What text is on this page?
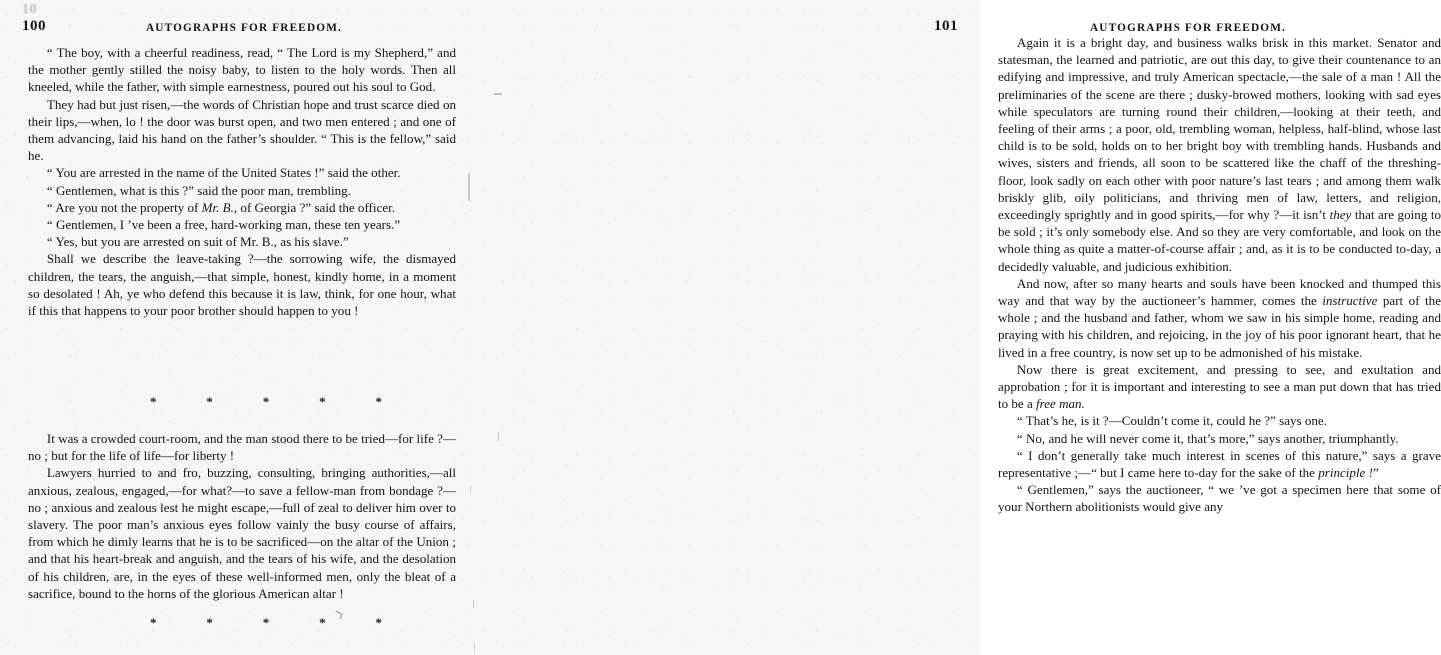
10
100	AUTOGRAPHS FOR FREEDOM.

“ The boy, with a cheerful readiness, read, “ The Lord is my Shepherd,” and the mother gently stilled the noisy baby, to listen to the holy words. Then all kneeled, while the father, with simple earnestness, poured out his soul to God.

They had but just risen,—the words of Christian hope and trust scarce died on their lips,—when, lo ! the door was burst open, and two men entered ; and one of them advancing, laid his hand on the father’s shoulder. “ This is the fellow,” said he.

“ You are arrested in the name of the United States !” said the other.

“ Gentlemen, what is this ?” said the poor man, trembling.

“ Are you not the property of Mr. B., of Georgia ?” said the officer.

“ Gentlemen, I ’ve been a free, hard-working man, these ten years.”

“ Yes, but you are arrested on suit of Mr. B., as his slave.”

Shall we describe the leave-taking ?—the sorrowing wife, the dismayed children, the tears, the anguish,—that simple, honest, kindly home, in a moment so desolated ! Ah, ye who defend this because it is law, think, for one hour, what if this that happens to your poor brother should happen to you !

*	*	*	*	*

It was a crowded court-room, and the man stood there to be tried—for life ?—no ; but for the life of life—for liberty !

Lawyers hurried to and fro, buzzing, consulting, bringing authorities,—all anxious, zealous, engaged,—for what?—to save a fellow-man from bondage ?—no ; anxious and zealous lest he might escape,—full of zeal to deliver him over to slavery. The poor man’s anxious eyes follow vainly the busy course of affairs, from which he dimly learns that he is to be sacrificed—on the altar of the Union ; and that his heart-break and anguish, and the tears of his wife, and the desolation of his children, are, in the eyes of these well-informed men, only the bleat of a sacrifice, bound to the horns of the glorious American altar !

*	*	*	*	*
101	AUTOGRAPHS FOR FREEDOM.

Again it is a bright day, and business walks brisk in this market. Senator and statesman, the learned and patriotic, are out this day, to give their countenance to an edifying and impressive, and truly American spectacle,—the sale of a man ! All the preliminaries of the scene are there ; dusky-browed mothers, looking with sad eyes while speculators are turning round their children,—looking at their teeth, and feeling of their arms ; a poor, old, trembling woman, helpless, half-blind, whose last child is to be sold, holds on to her bright boy with trembling hands. Husbands and wives, sisters and friends, all soon to be scattered like the chaff of the threshing-floor, look sadly on each other with poor nature’s last tears ; and among them walk briskly glib, oily politicians, and thriving men of law, letters, and religion, exceedingly sprightly and in good spirits,—for why ?—it isn’t they that are going to be sold ; it’s only somebody else. And so they are very comfortable, and look on the whole thing as quite a matter-of-course affair ; and, as it is to be conducted to-day, a decidedly valuable, and judicious exhibition.

And now, after so many hearts and souls have been knocked and thumped this way and that way by the auctioneer’s hammer, comes the instructive part of the whole ; and the husband and father, whom we saw in his simple home, reading and praying with his children, and rejoicing, in the joy of his poor ignorant heart, that he lived in a free country, is now set up to be admonished of his mistake.

Now there is great excitement, and pressing to see, and exultation and approbation ; for it is important and interesting to see a man put down that has tried to be a free man.

“ That’s he, is it ?—Couldn’t come it, could he ?” says one.

“ No, and he will never come it, that’s more,” says another, triumphantly.

“ I don’t generally take much interest in scenes of this nature,” says a grave representative ;—“ but I came here to-day for the sake of the principle !”

“ Gentlemen,” says the auctioneer, “ we ’ve got a specimen here that some of your Northern abolitionists would give any
